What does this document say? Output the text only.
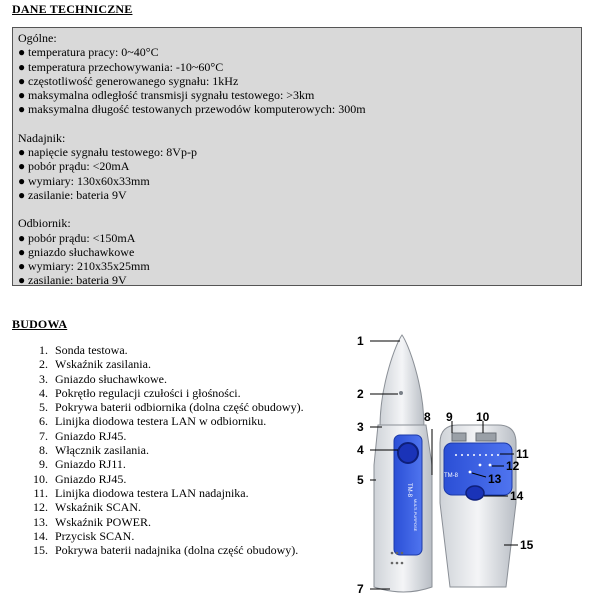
DANE TECHNICZNE
Ogólne:
● temperatura pracy: 0~40°C
● temperatura przechowywania: -10~60°C
● częstotliwość generowanego sygnału: 1kHz
● maksymalna odległość transmisji sygnału testowego: >3km
● maksymalna długość testowanych przewodów komputerowych: 300m
Nadajnik:
● napięcie sygnału testowego: 8Vp-p
● pobór prądu: <20mA
● wymiary: 130x60x33mm
● zasilanie: bateria 9V
Odbiornik:
● pobór prądu: <150mA
● gniazdo słuchawkowe
● wymiary: 210x35x25mm
● zasilanie: bateria 9V
BUDOWA
1. Sonda testowa.
2. Wskaźnik zasilania.
3. Gniazdo słuchawkowe.
4. Pokrętło regulacji czułości i głośności.
5. Pokrywa baterii odbiornika (dolna część obudowy).
6. Linijka diodowa testera LAN w odbiorniku.
7. Gniazdo RJ45.
8. Włącznik zasilania.
9. Gniazdo RJ11.
10. Gniazdo RJ45.
11. Linijka diodowa testera LAN nadajnika.
12. Wskaźnik SCAN.
13. Wskaźnik POWER.
14. Przycisk SCAN.
15. Pokrywa baterii nadajnika (dolna część obudowy).
TM-8
MULTI-PURPOSE
TM-8
1
2
3
4
5
7
8 9 10
11
12
13
14
15
